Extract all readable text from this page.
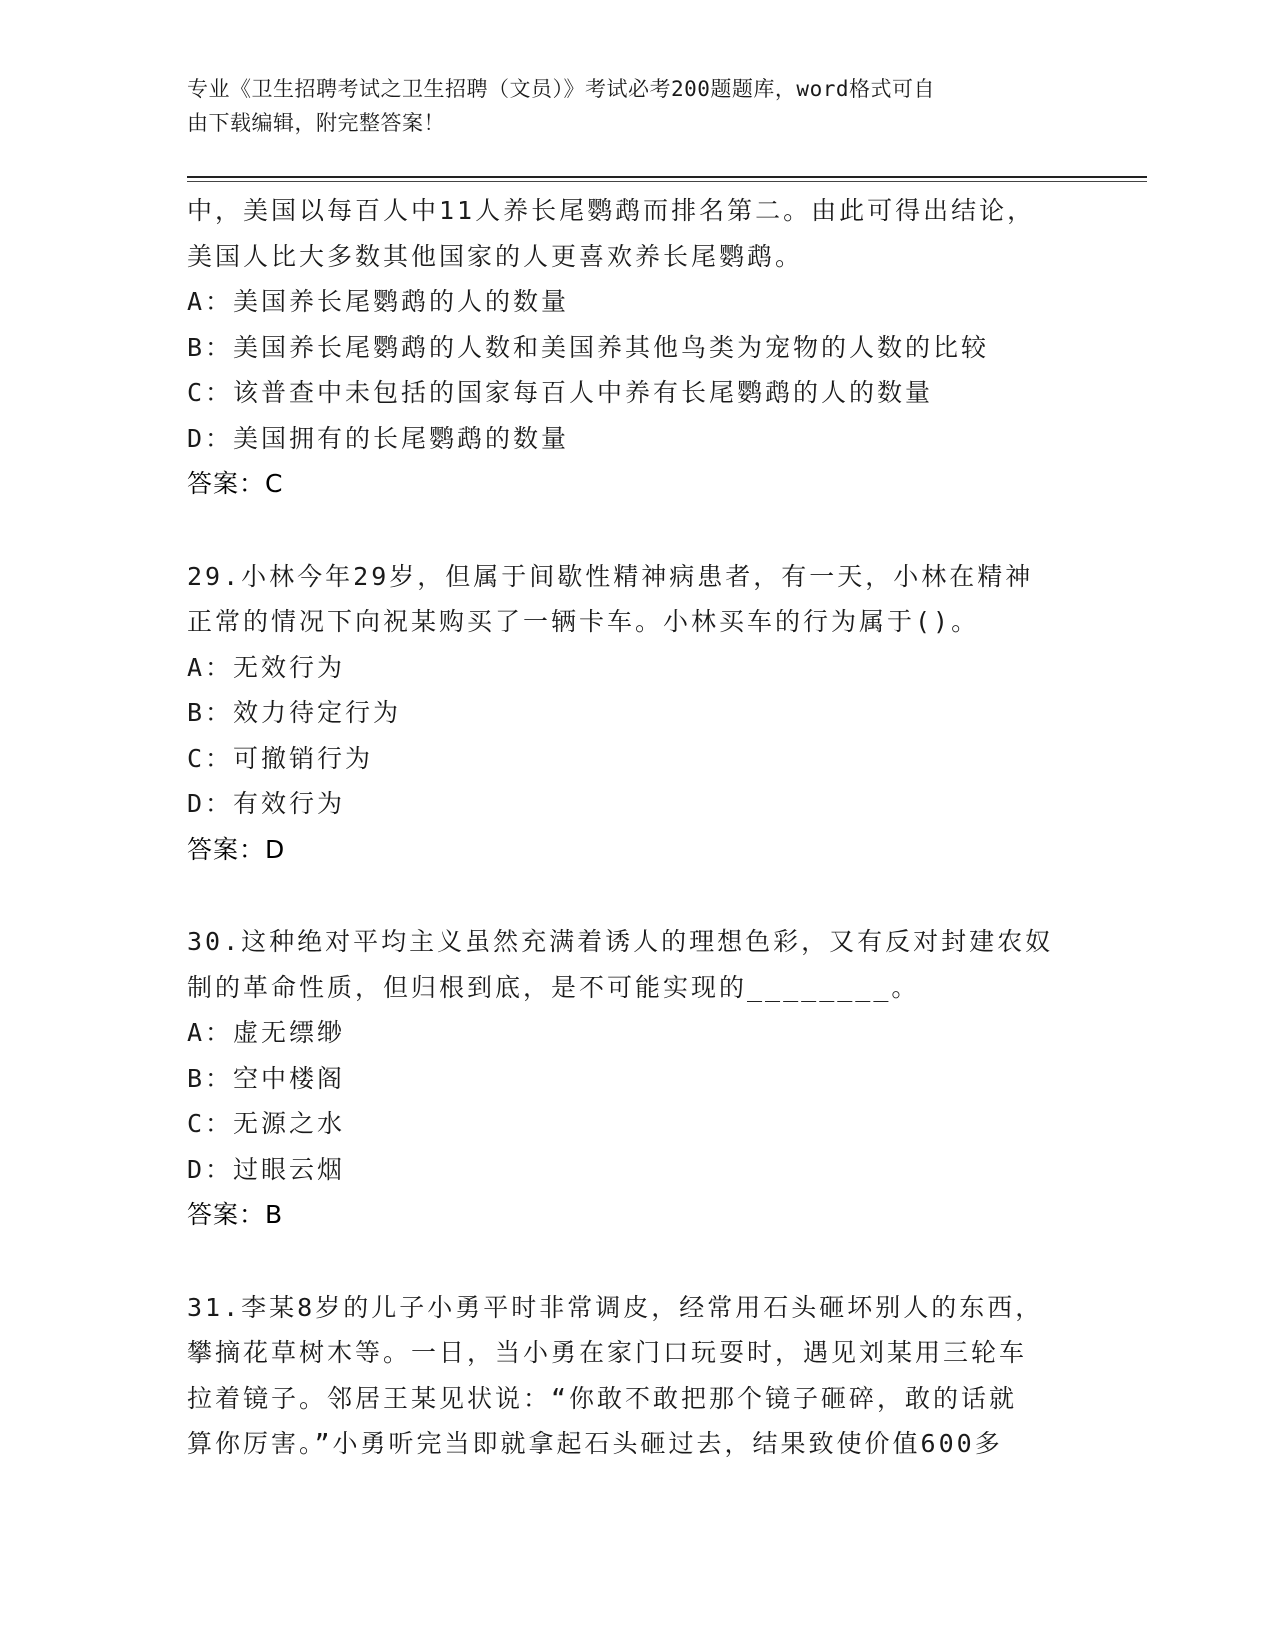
专业《卫生招聘考试之卫生招聘（文员）》考试必考200题题库，word格式可自
由下载编辑，附完整答案！
中，美国以每百人中11人养长尾鹦鹉而排名第二。由此可得出结论，
美国人比大多数其他国家的人更喜欢养长尾鹦鹉。
A：美国养长尾鹦鹉的人的数量
B：美国养长尾鹦鹉的人数和美国养其他鸟类为宠物的人数的比较
C：该普查中未包括的国家每百人中养有长尾鹦鹉的人的数量
D：美国拥有的长尾鹦鹉的数量
答案：C
29.小林今年29岁，但属于间歇性精神病患者，有一天，小林在精神
正常的情况下向祝某购买了一辆卡车。小林买车的行为属于()。
A：无效行为
B：效力待定行为
C：可撤销行为
D：有效行为
答案：D
30.这种绝对平均主义虽然充满着诱人的理想色彩，又有反对封建农奴
制的革命性质，但归根到底，是不可能实现的________。
A：虚无缥缈
B：空中楼阁
C：无源之水
D：过眼云烟
答案：B
31.李某8岁的儿子小勇平时非常调皮，经常用石头砸坏别人的东西，
攀摘花草树木等。一日，当小勇在家门口玩耍时，遇见刘某用三轮车
拉着镜子。邻居王某见状说：“你敢不敢把那个镜子砸碎，敢的话就
算你厉害。”小勇听完当即就拿起石头砸过去，结果致使价值600多
